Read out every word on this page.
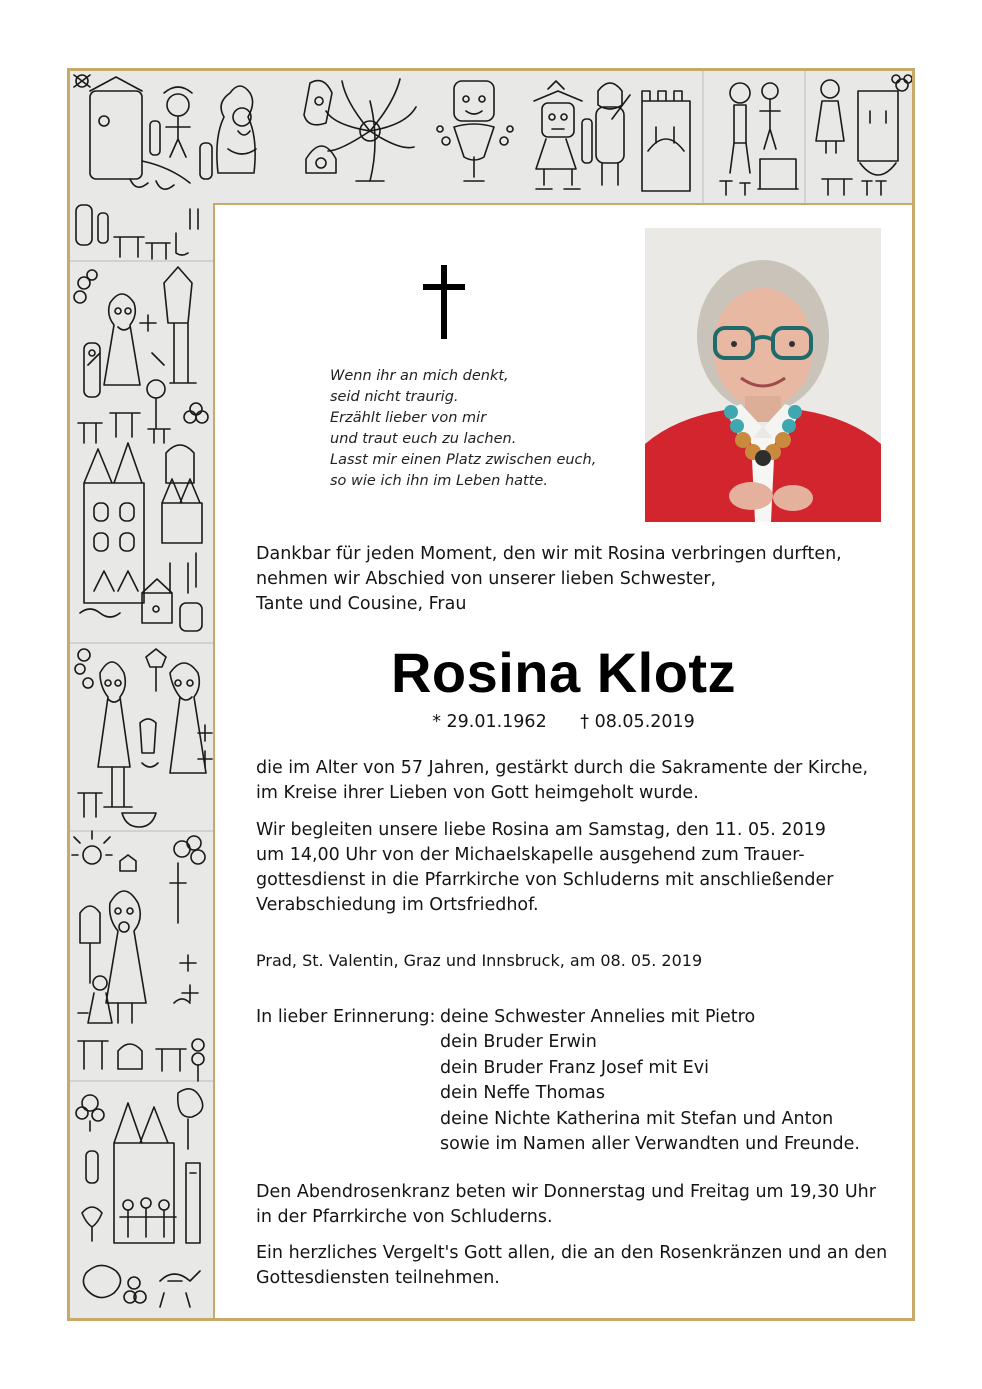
Wenn ihr an mich denkt,
seid nicht traurig.
Erzählt lieber von mir
und traut euch zu lachen.
Lasst mir einen Platz zwischen euch,
so wie ich ihn im Leben hatte.
Dankbar für jeden Moment, den wir mit Rosina verbringen durften,
nehmen wir Abschied von unserer lieben Schwester,
Tante und Cousine, Frau
Rosina Klotz
* 29.01.1962 † 08.05.2019
die im Alter von 57 Jahren, gestärkt durch die Sakramente der Kirche,
im Kreise ihrer Lieben von Gott heimgeholt wurde.
Wir begleiten unsere liebe Rosina am Samstag, den 11. 05. 2019
um 14,00 Uhr von der Michaelskapelle ausgehend zum Trauer-
gottesdienst in die Pfarrkirche von Schluderns mit anschließender
Verabschiedung im Ortsfriedhof.
Prad, St. Valentin, Graz und Innsbruck, am 08. 05. 2019
In lieber Erinnerung: deine Schwester Annelies mit Pietro
dein Bruder Erwin
dein Bruder Franz Josef mit Evi
dein Neffe Thomas
deine Nichte Katherina mit Stefan und Anton
sowie im Namen aller Verwandten und Freunde.
Den Abendrosenkranz beten wir Donnerstag und Freitag um 19,30 Uhr
in der Pfarrkirche von Schluderns.
Ein herzliches Vergelt's Gott allen, die an den Rosenkränzen und an den
Gottesdiensten teilnehmen.
